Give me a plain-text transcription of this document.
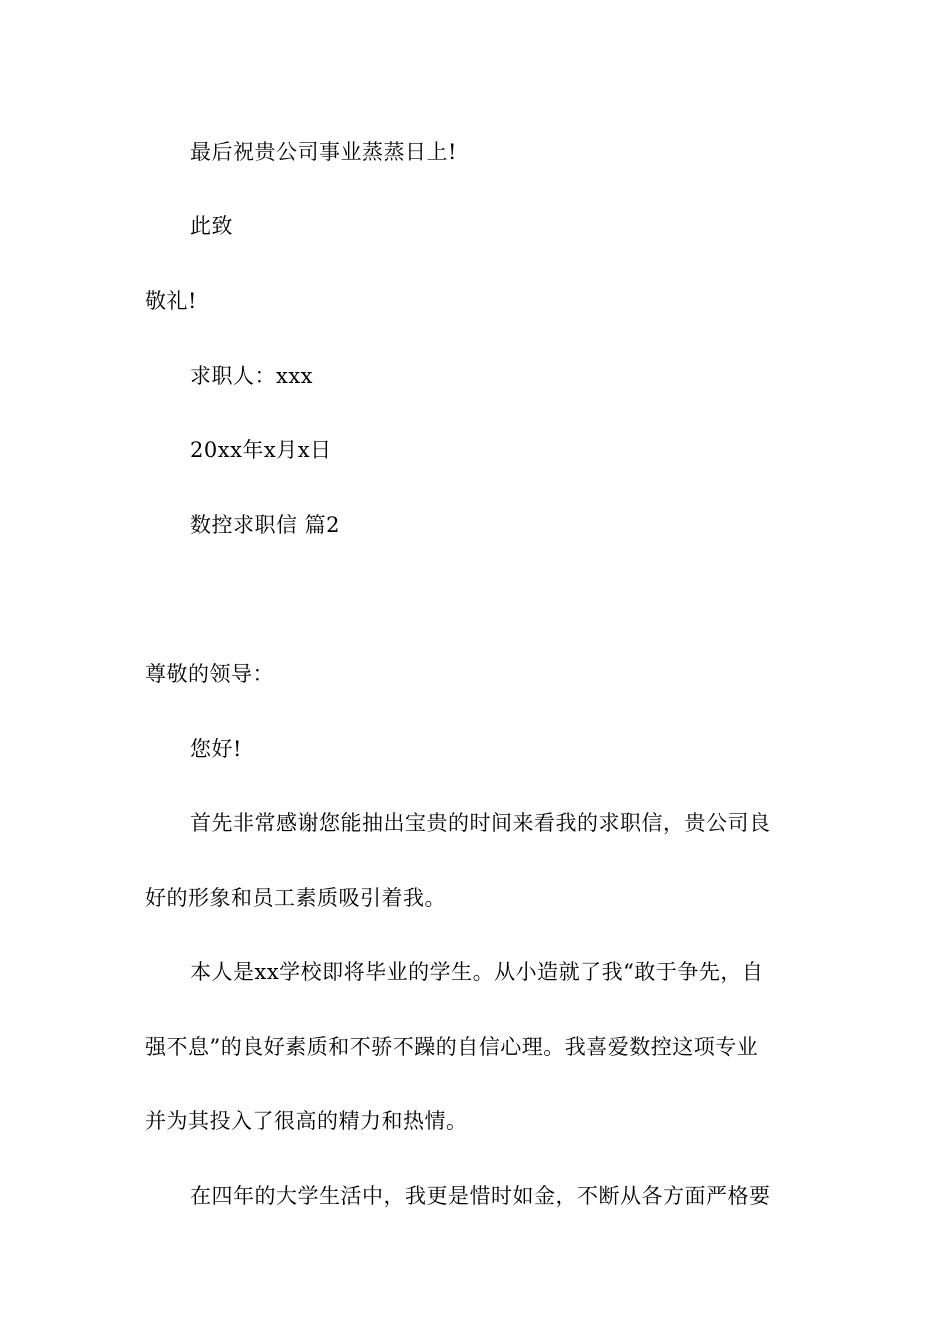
最后祝贵公司事业蒸蒸日上!
此致
敬礼!
求职人：xxx
20xx年x月x日
数控求职信 篇2
尊敬的领导：
您好!
首先非常感谢您能抽出宝贵的时间来看我的求职信，贵公司良
好的形象和员工素质吸引着我。
本人是xx学校即将毕业的学生。从小造就了我“敢于争先，自
强不息”的良好素质和不骄不躁的自信心理。我喜爱数控这项专业
并为其投入了很高的精力和热情。
在四年的大学生活中，我更是惜时如金，不断从各方面严格要
